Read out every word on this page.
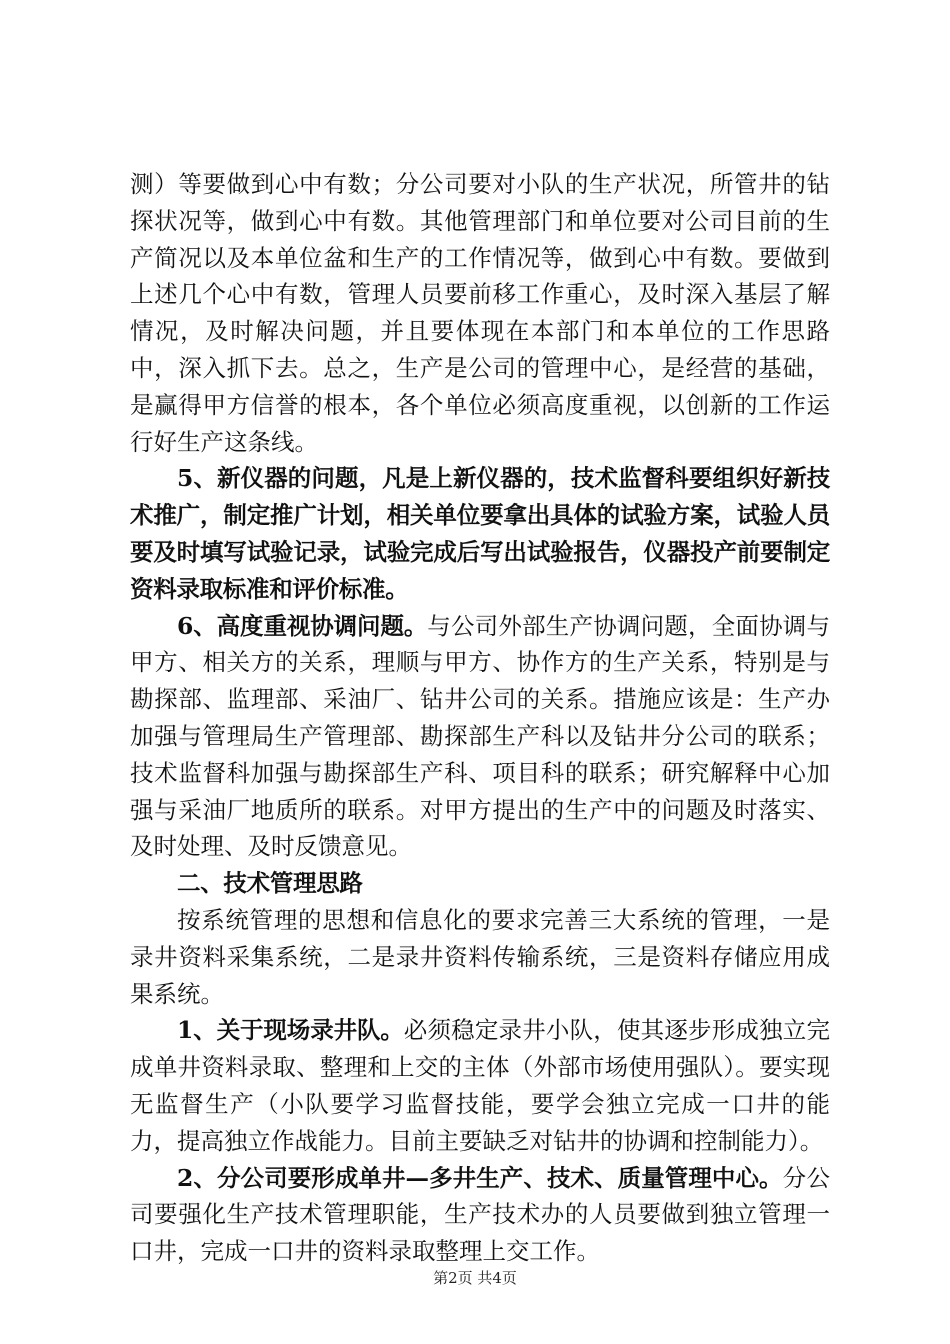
测）等要做到心中有数；分公司要对小队的生产状况，所管井的钻探状况等，做到心中有数。其他管理部门和单位要对公司目前的生产简况以及本单位盆和生产的工作情况等，做到心中有数。要做到上述几个心中有数，管理人员要前移工作重心，及时深入基层了解情况，及时解决问题，并且要体现在本部门和本单位的工作思路中，深入抓下去。总之，生产是公司的管理中心，是经营的基础，是赢得甲方信誉的根本，各个单位必须高度重视，以创新的工作运行好生产这条线。

5、新仪器的问题，凡是上新仪器的，技术监督科要组织好新技术推广，制定推广计划，相关单位要拿出具体的试验方案，试验人员要及时填写试验记录，试验完成后写出试验报告，仪器投产前要制定资料录取标准和评价标准。

6、高度重视协调问题。与公司外部生产协调问题，全面协调与甲方、相关方的关系，理顺与甲方、协作方的生产关系，特别是与勘探部、监理部、采油厂、钻井公司的关系。措施应该是：生产办加强与管理局生产管理部、勘探部生产科以及钻井分公司的联系；技术监督科加强与勘探部生产科、项目科的联系；研究解释中心加强与采油厂地质所的联系。对甲方提出的生产中的问题及时落实、及时处理、及时反馈意见。

二、技术管理思路

按系统管理的思想和信息化的要求完善三大系统的管理，一是录井资料采集系统，二是录井资料传输系统，三是资料存储应用成果系统。

1、关于现场录井队。必须稳定录井小队，使其逐步形成独立完成单井资料录取、整理和上交的主体（外部市场使用强队）。要实现无监督生产（小队要学习监督技能，要学会独立完成一口井的能力，提高独立作战能力。目前主要缺乏对钻井的协调和控制能力）。

2、分公司要形成单井—多井生产、技术、质量管理中心。分公司要强化生产技术管理职能，生产技术办的人员要做到独立管理一口井，完成一口井的资料录取整理上交工作。

第2页 共4页
